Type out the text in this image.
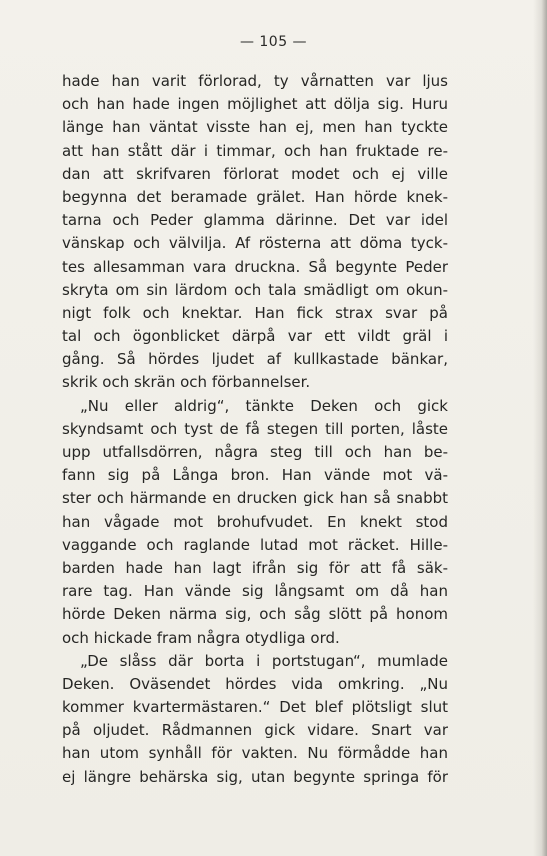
— 105 —
hade han varit förlorad, ty vårnatten var ljus
och han hade ingen möjlighet att dölja sig. Huru
länge han väntat visste han ej, men han tyckte
att han stått där i timmar, och han fruktade re-
dan att skrifvaren förlorat modet och ej ville
begynna det beramade grälet. Han hörde knek-
tarna och Peder glamma därinne. Det var idel
vänskap och välvilja. Af rösterna att döma tyck-
tes allesamman vara druckna. Så begynte Peder
skryta om sin lärdom och tala smädligt om okun-
nigt folk och knektar. Han fick strax svar på
tal och ögonblicket därpå var ett vildt gräl i
gång. Så hördes ljudet af kullkastade bänkar,
skrik och skrän och förbannelser.
„Nu eller aldrig“, tänkte Deken och gick
skyndsamt och tyst de få stegen till porten, låste
upp utfallsdörren, några steg till och han be-
fann sig på Långa bron. Han vände mot vä-
ster och härmande en drucken gick han så snabbt
han vågade mot brohufvudet. En knekt stod
vaggande och raglande lutad mot räcket. Hille-
barden hade han lagt ifrån sig för att få säk-
rare tag. Han vände sig långsamt om då han
hörde Deken närma sig, och såg slött på honom
och hickade fram några otydliga ord.
„De slåss där borta i portstugan“, mumlade
Deken. Oväsendet hördes vida omkring. „Nu
kommer kvartermästaren.“ Det blef plötsligt slut
på oljudet. Rådmannen gick vidare. Snart var
han utom synhåll för vakten. Nu förmådde han
ej längre behärska sig, utan begynte springa för
